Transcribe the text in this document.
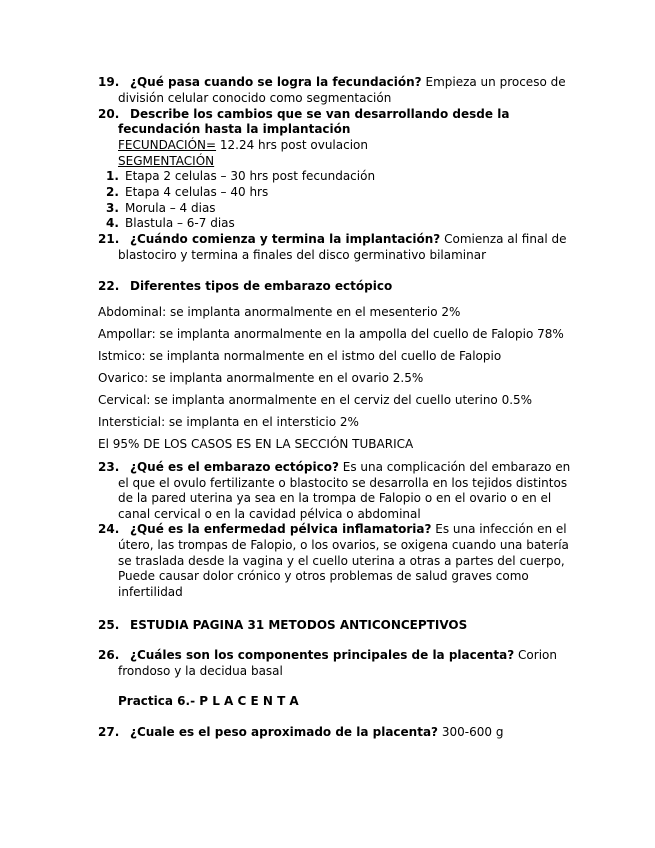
19. ¿Qué pasa cuando se logra la fecundación? Empieza un proceso de
división celular conocido como segmentación
20. Describe los cambios que se van desarrollando desde la
fecundación hasta la implantación
FECUNDACIÓN= 12.24 hrs post ovulacion
SEGMENTACIÓN
1. Etapa 2 celulas – 30 hrs post fecundación
2. Etapa 4 celulas – 40 hrs
3. Morula – 4 dias
4. Blastula – 6-7 dias
21. ¿Cuándo comienza y termina la implantación? Comienza al final de
blastociro y termina a finales del disco germinativo bilaminar
22. Diferentes tipos de embarazo ectópico
Abdominal: se implanta anormalmente en el mesenterio 2%
Ampollar: se implanta anormalmente en la ampolla del cuello de Falopio 78%
Istmico: se implanta normalmente en el istmo del cuello de Falopio
Ovarico: se implanta anormalmente en el ovario 2.5%
Cervical: se implanta anormalmente en el cerviz del cuello uterino 0.5%
Intersticial: se implanta en el intersticio 2%
El 95% DE LOS CASOS ES EN LA SECCIÓN TUBARICA
23. ¿Qué es el embarazo ectópico? Es una complicación del embarazo en
el que el ovulo fertilizante o blastocito se desarrolla en los tejidos distintos
de la pared uterina ya sea en la trompa de Falopio o en el ovario o en el
canal cervical o en la cavidad pélvica o abdominal
24. ¿Qué es la enfermedad pélvica inflamatoria? Es una infección en el
útero, las trompas de Falopio, o los ovarios, se oxigena cuando una batería
se traslada desde la vagina y el cuello uterina a otras a partes del cuerpo,
Puede causar dolor crónico y otros problemas de salud graves como
infertilidad
25. ESTUDIA PAGINA 31 METODOS ANTICONCEPTIVOS
26. ¿Cuáles son los componentes principales de la placenta? Corion
frondoso y la decidua basal
Practica 6.- P L A C E N T A
27. ¿Cuale es el peso aproximado de la placenta? 300-600 g
